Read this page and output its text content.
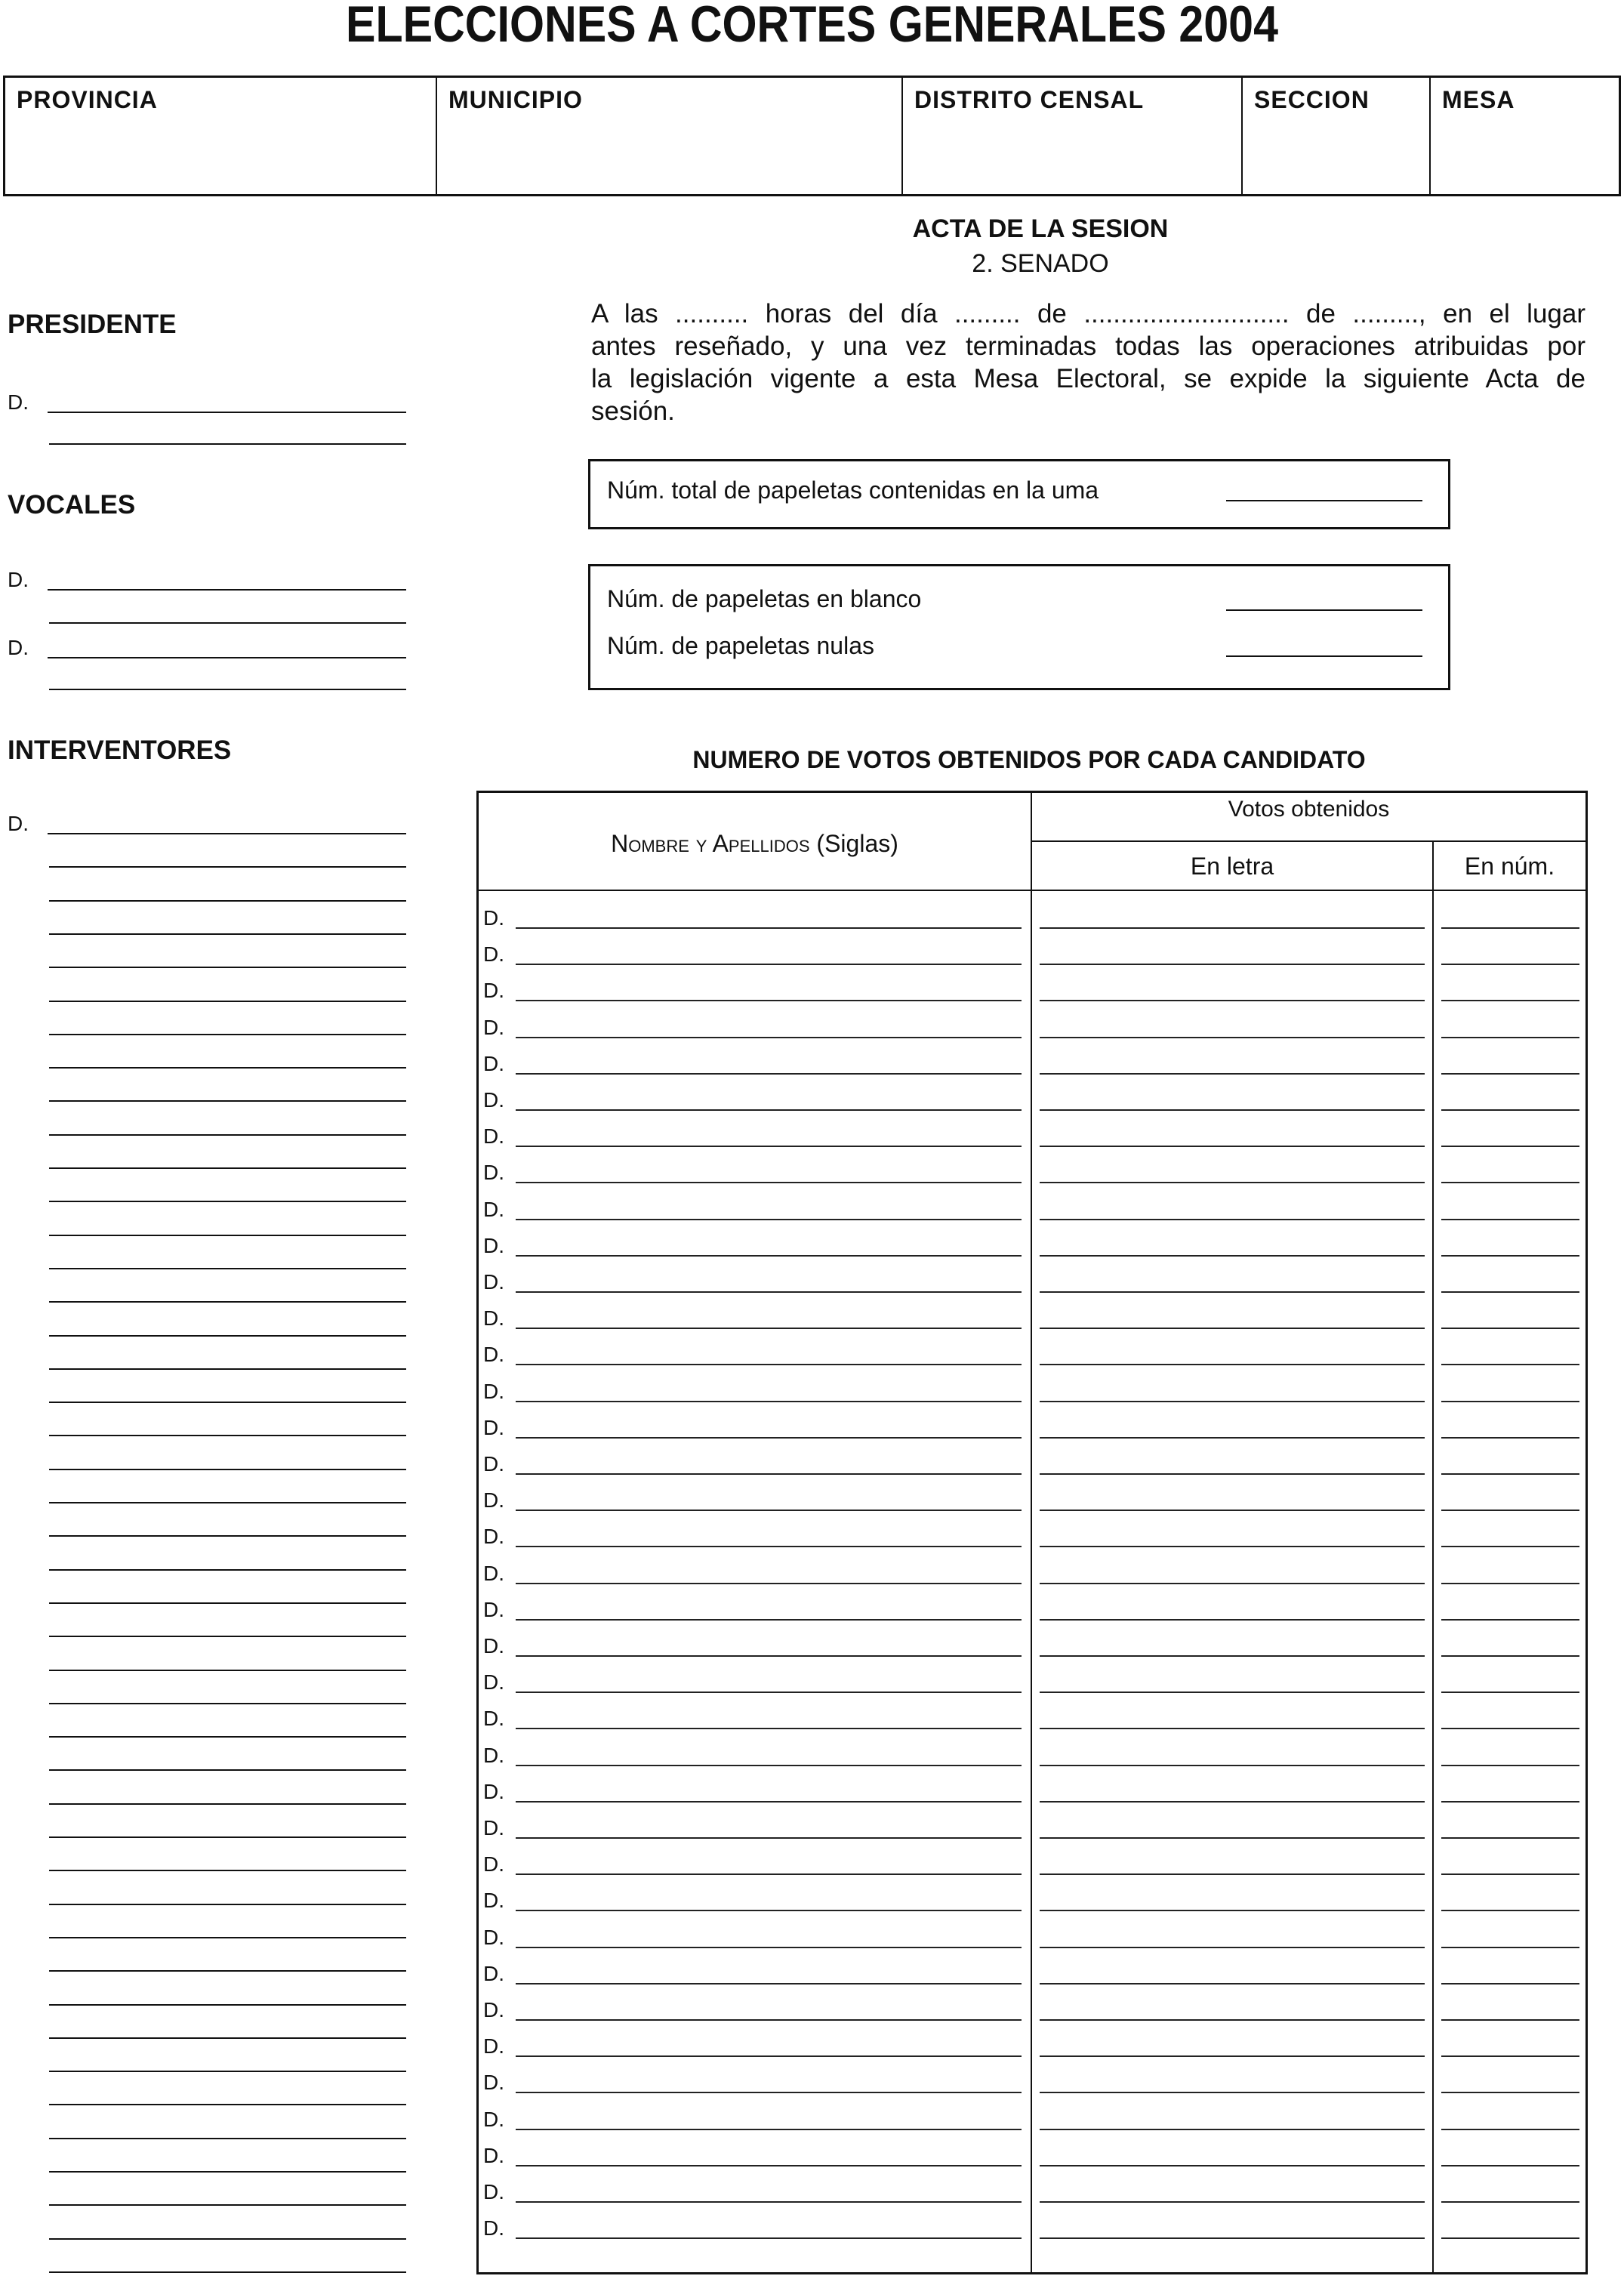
ELECCIONES A CORTES GENERALES 2004
PROVINCIA	MUNICIPIO	DISTRITO CENSAL	SECCION	MESA
ACTA DE LA SESION
2. SENADO
A las .......... horas del día ......... de ............................ de ........., en el lugar
antes reseñado, y una vez terminadas todas las operaciones atribuidas por
la legislación vigente a esta Mesa Electoral, se expide la siguiente Acta de
sesión.
PRESIDENTE
D.
VOCALES
D.
D.
INTERVENTORES
D.
Núm. total de papeletas contenidas en la uma
Núm. de papeletas en blanco
Núm. de papeletas nulas
NUMERO DE VOTOS OBTENIDOS POR CADA CANDIDATO
Nombre y Apellidos (Siglas)
Votos obtenidos
En letra	En núm.
D.
D.
D.
D.
D.
D.
D.
D.
D.
D.
D.
D.
D.
D.
D.
D.
D.
D.
D.
D.
D.
D.
D.
D.
D.
D.
D.
D.
D.
D.
D.
D.
D.
D.
D.
D.
D.
